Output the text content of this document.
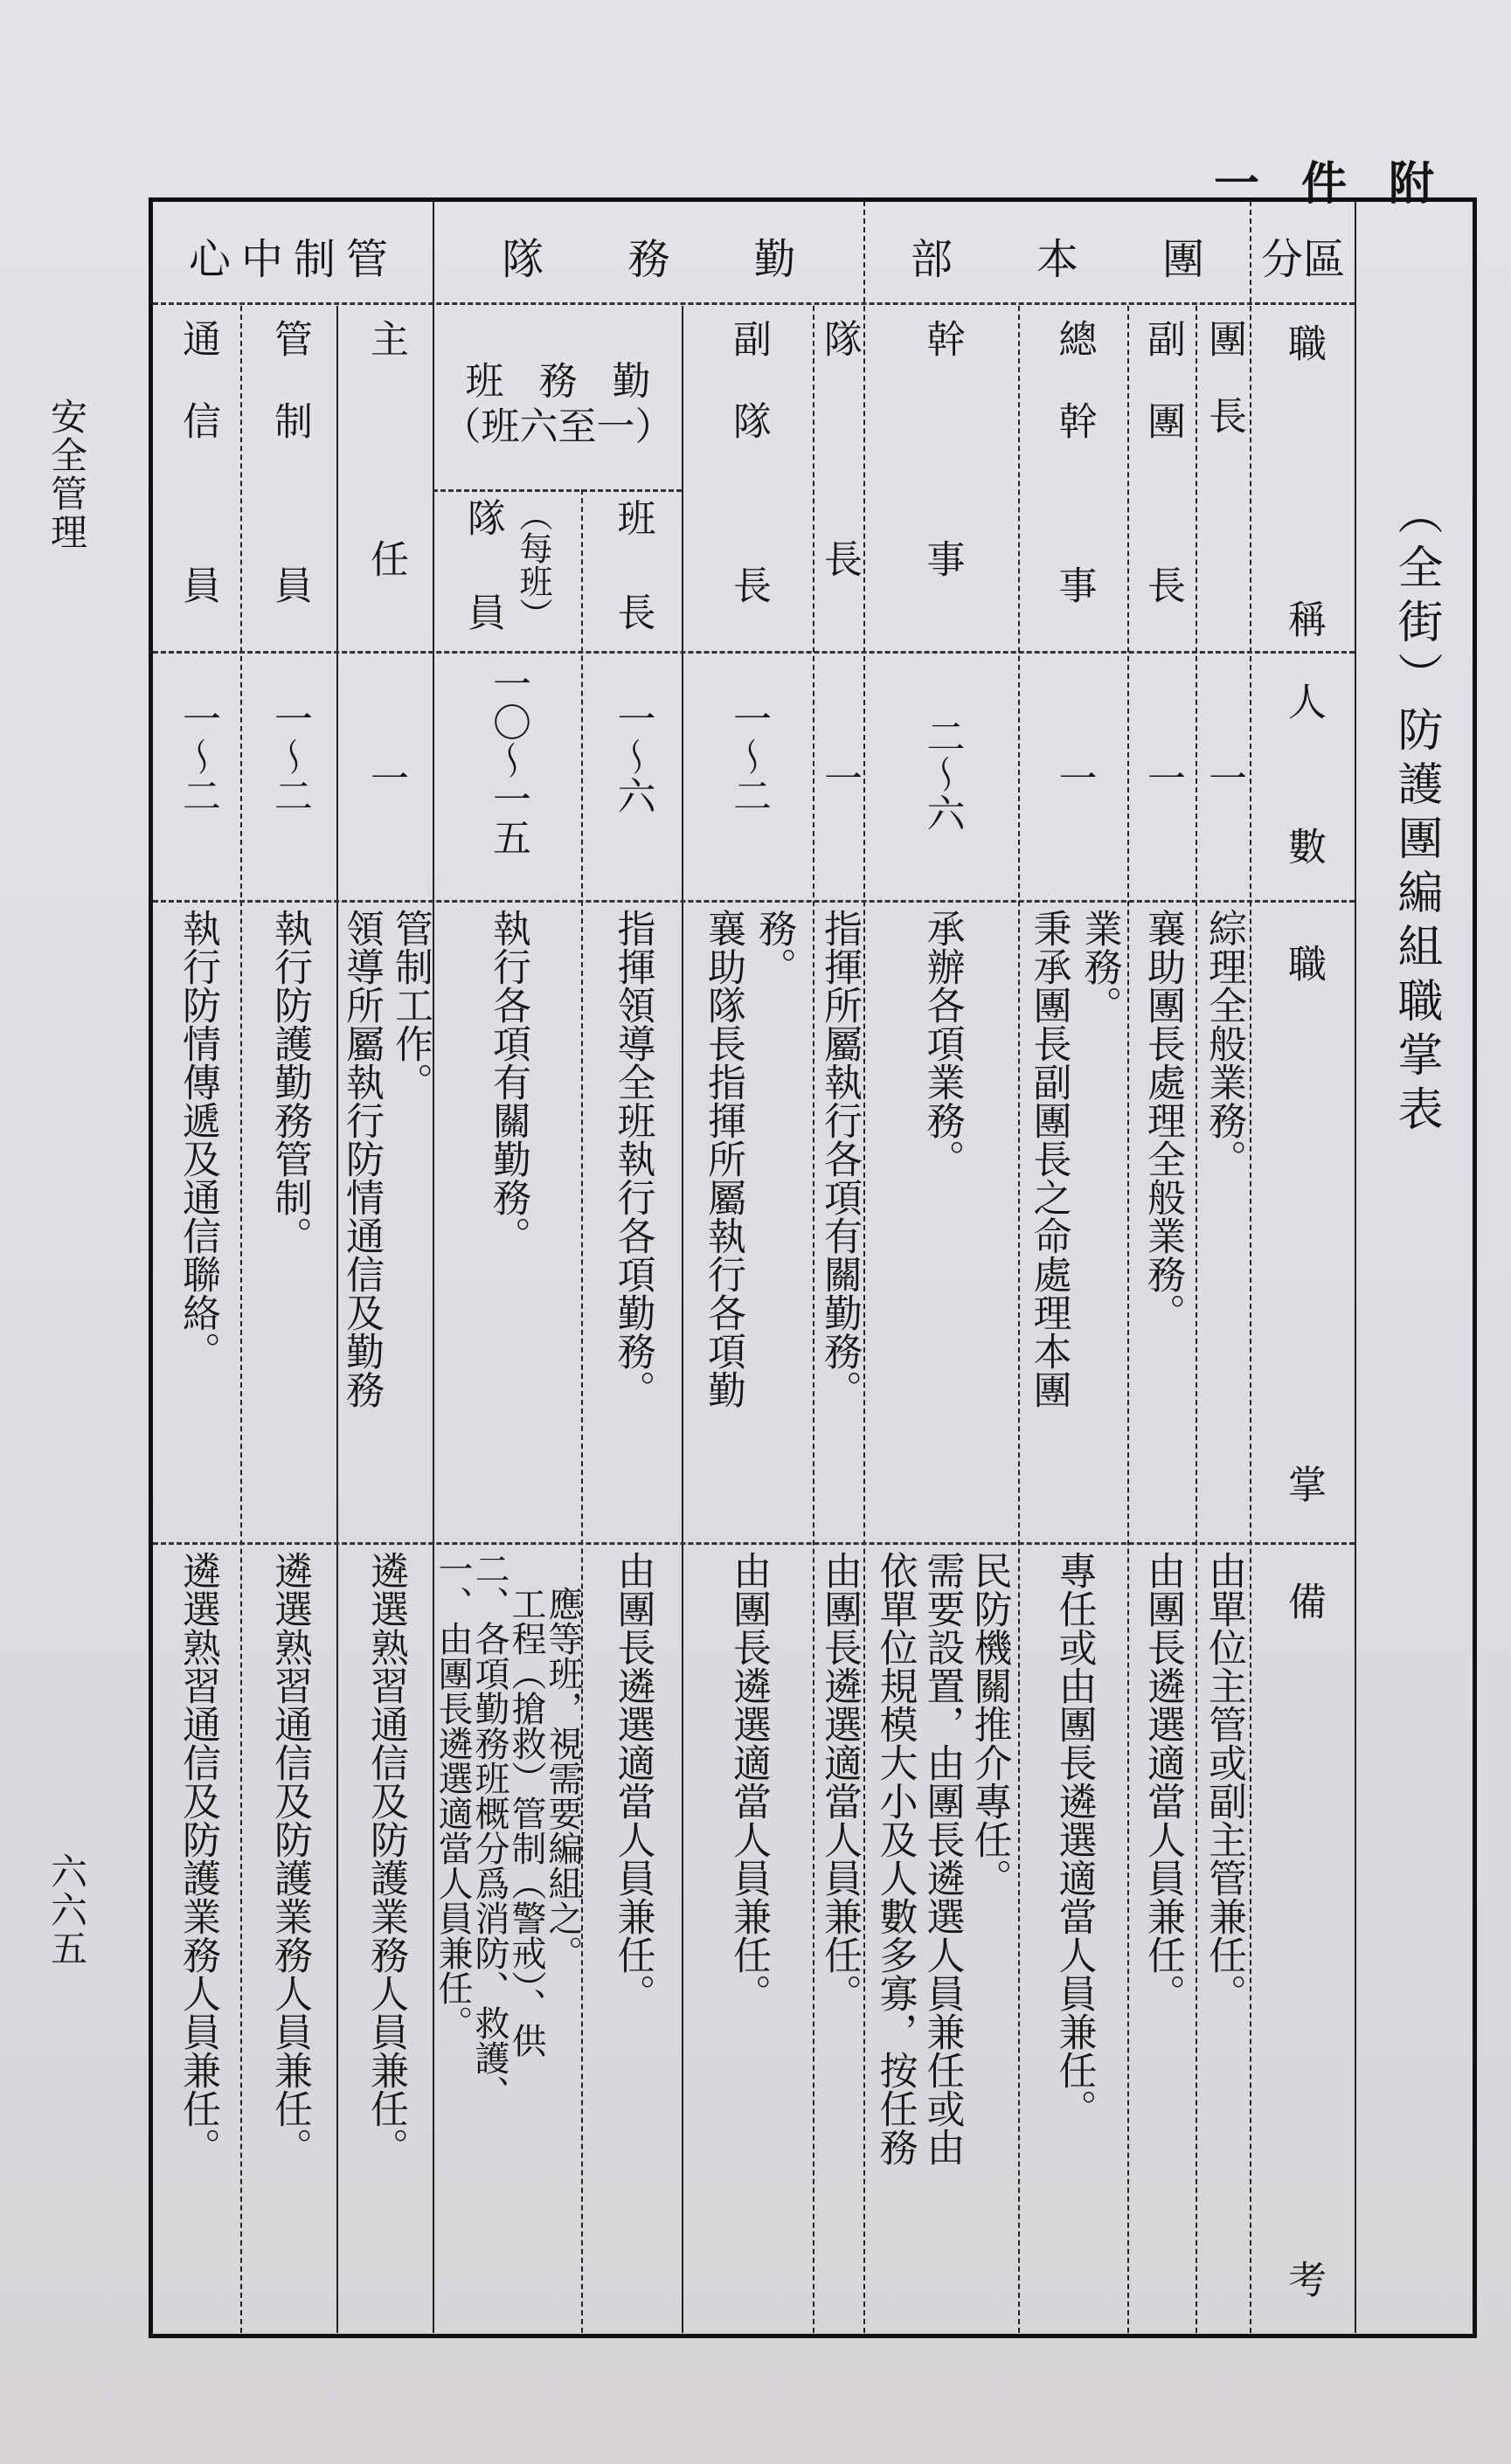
安全管理
六六五
附件一
（全街）防護團編組職掌表
區分
職
稱
人
數
職
掌
備
考
團　　本　　部
勤　　務　　隊
管制中心
團　長
副團　長
總幹　事
幹　　事
隊　　長
副隊　長
勤務班
（一至六班）
班　長
隊　員 （每班）
主　　任
管制　員
通信　員
一
一
一
二～六
一
一～二
一～六
一〇～一五
一
一～二
一～二
綜理全般業務。
襄助團長處理全般業務。
秉承團長副團長之命處理本團 業務。
承辦各項業務。
指揮所屬執行各項有關勤務。
襄助隊長指揮所屬執行各項勤 務。
指揮領導全班執行各項勤務。
執行各項有關勤務。
領導所屬執行防情通信及勤務 管制工作。
執行防護勤務管制。
執行防情傳遞及通信聯絡。
由單位主管或副主管兼任。
由團長遴選適當人員兼任。
專任或由團長遴選適當人員兼任。
依單位規模大小及人數多寡，按任務 需要設置，由團長遴選人員兼任或由 民防機關推介專任。
由團長遴選適當人員兼任。
由團長遴選適當人員兼任。
由團長遴選適當人員兼任。
一、由團長遴選適當人員兼任。
二、各項勤務班概分爲消防、救護、
工程（搶救）管制（警戒）、供
應等班，視需要編組之。
遴選熟習通信及防護業務人員兼任。
遴選熟習通信及防護業務人員兼任。
遴選熟習通信及防護業務人員兼任。
